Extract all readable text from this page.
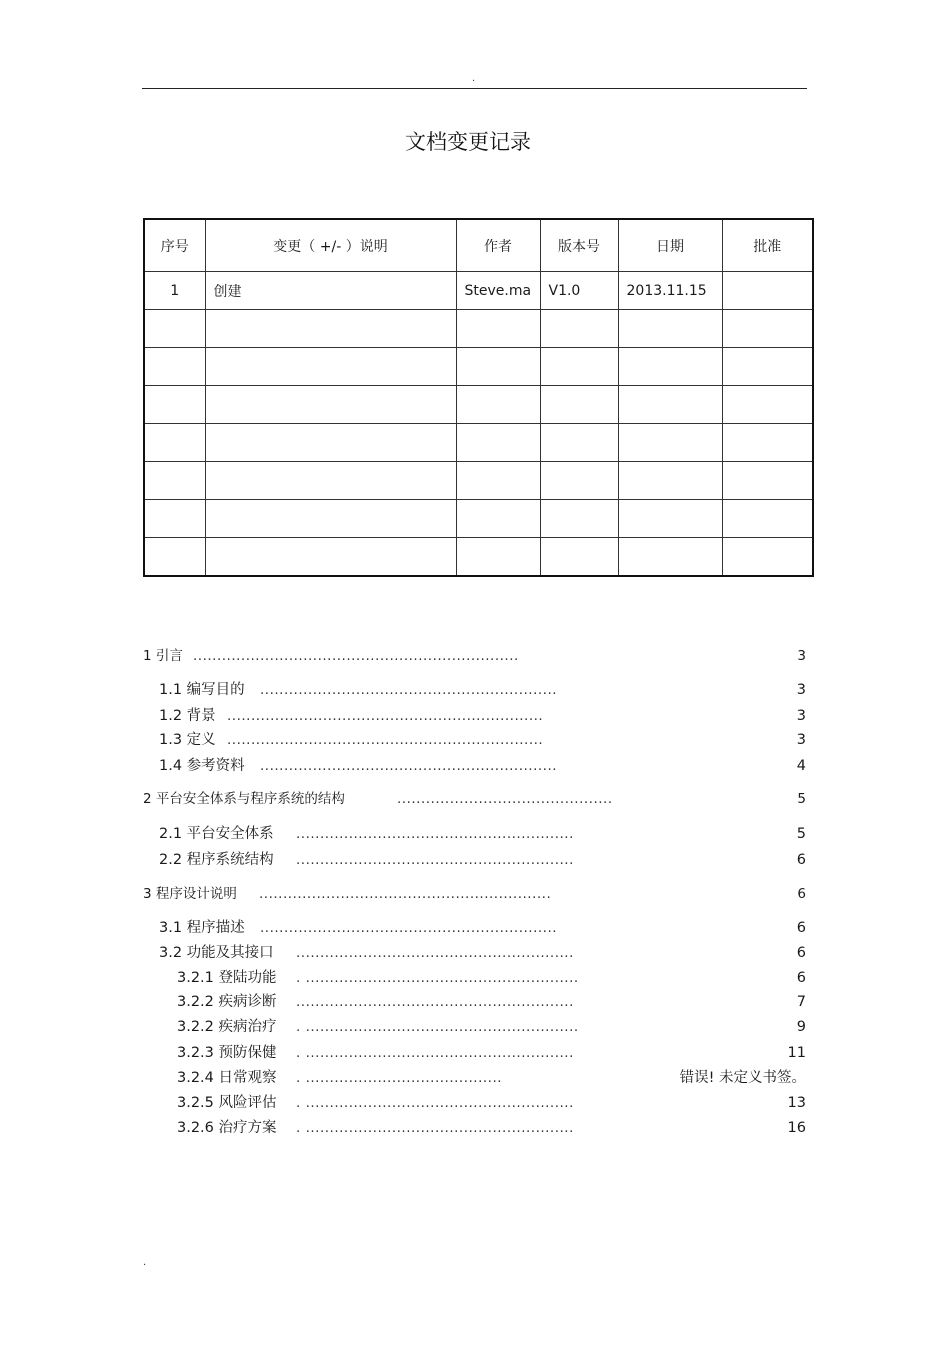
.
文档变更记录
序号	变更（ +/- ）说明	作者	版本号	日期	批准
1	创建	Steve.ma	V1.0	2013.11.15	

1 引言 ....................................................................	3
1.1 编写目的 ..............................................................	3
1.2 背景 ..................................................................	3
1.3 定义 ..................................................................	3
1.4 参考资料 ..............................................................	4
2 平台安全体系与程序系统的结构	.............................................	5
2.1 平台安全体系 ..........................................................	5
2.2 程序系统结构 ..........................................................	6
3 程序设计说明 .............................................................	6
3.1 程序描述 ..............................................................	6
3.2 功能及其接口 ..........................................................	6
3.2.1 登陆功能 . .........................................................	6
3.2.2 疾病诊断 ..........................................................	7
3.2.2 疾病治疗 . .........................................................	9
3.2.3 预防保健 . ........................................................	11
3.2.4 日常观察 . .........................................	错误! 未定义书签。
3.2.5 风险评估 . ........................................................	13
3.2.6 治疗方案 . ........................................................	16
.
